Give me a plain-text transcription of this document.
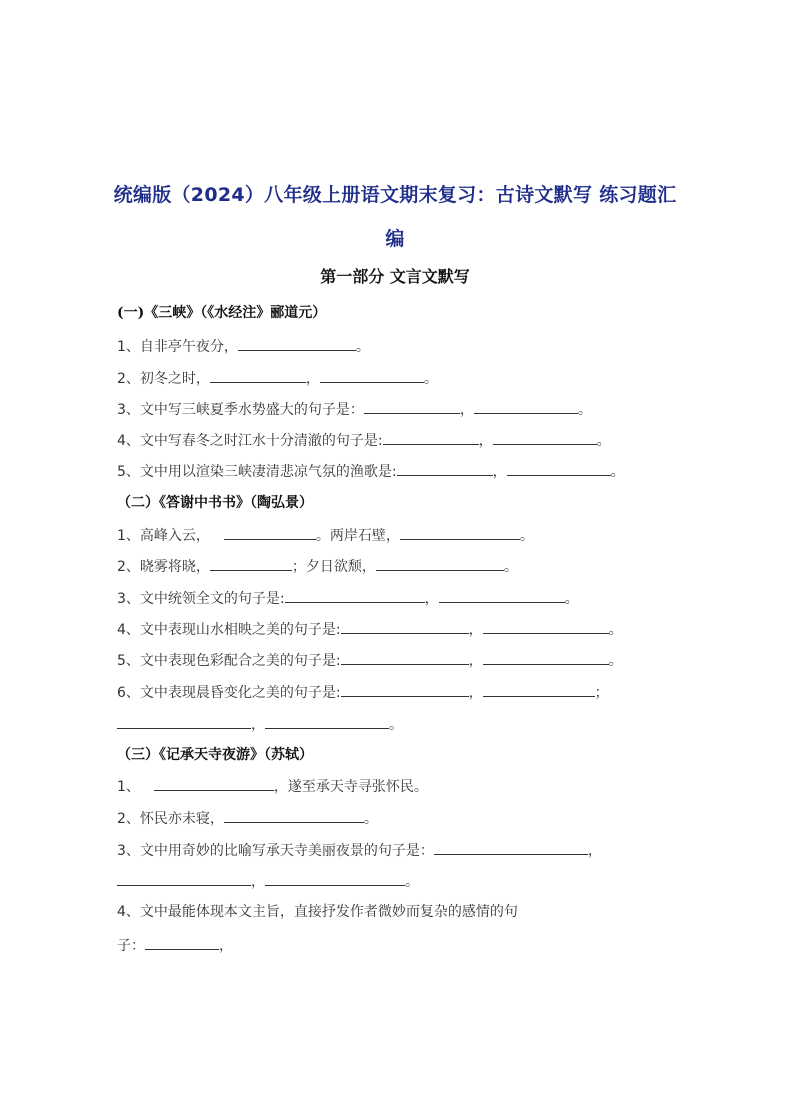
统编版（2024）八年级上册语文期末复习：古诗文默写 练习题汇
编
第一部分 文言文默写
(一)《三峡》（《水经注》郦道元）
1、自非亭午夜分，	。
2、初冬之时，	，	。
3、文中写三峡夏季水势盛大的句子是：	，	。
4、文中写春冬之时江水十分清澈的句子是:	，	。
5、文中用以渲染三峡凄清悲凉气氛的渔歌是:	，	。
（二）《答谢中书书》（陶弘景）
1、高峰入云，	。两岸石壁，	。
2、晓雾将晓，	；夕日欲颓，	。
3、文中统领全文的句子是:	，	。
4、文中表现山水相映之美的句子是:	，	。
5、文中表现色彩配合之美的句子是:	，	。
6、文中表现晨昏变化之美的句子是:	，	；
，	。
（三）《记承天寺夜游》（苏轼）
1、	，遂至承天寺寻张怀民。
2、怀民亦未寝，	。
3、文中用奇妙的比喻写承天寺美丽夜景的句子是：	，
，	。
4、文中最能体现本文主旨，直接抒发作者微妙而复杂的感情的句
子：	，
